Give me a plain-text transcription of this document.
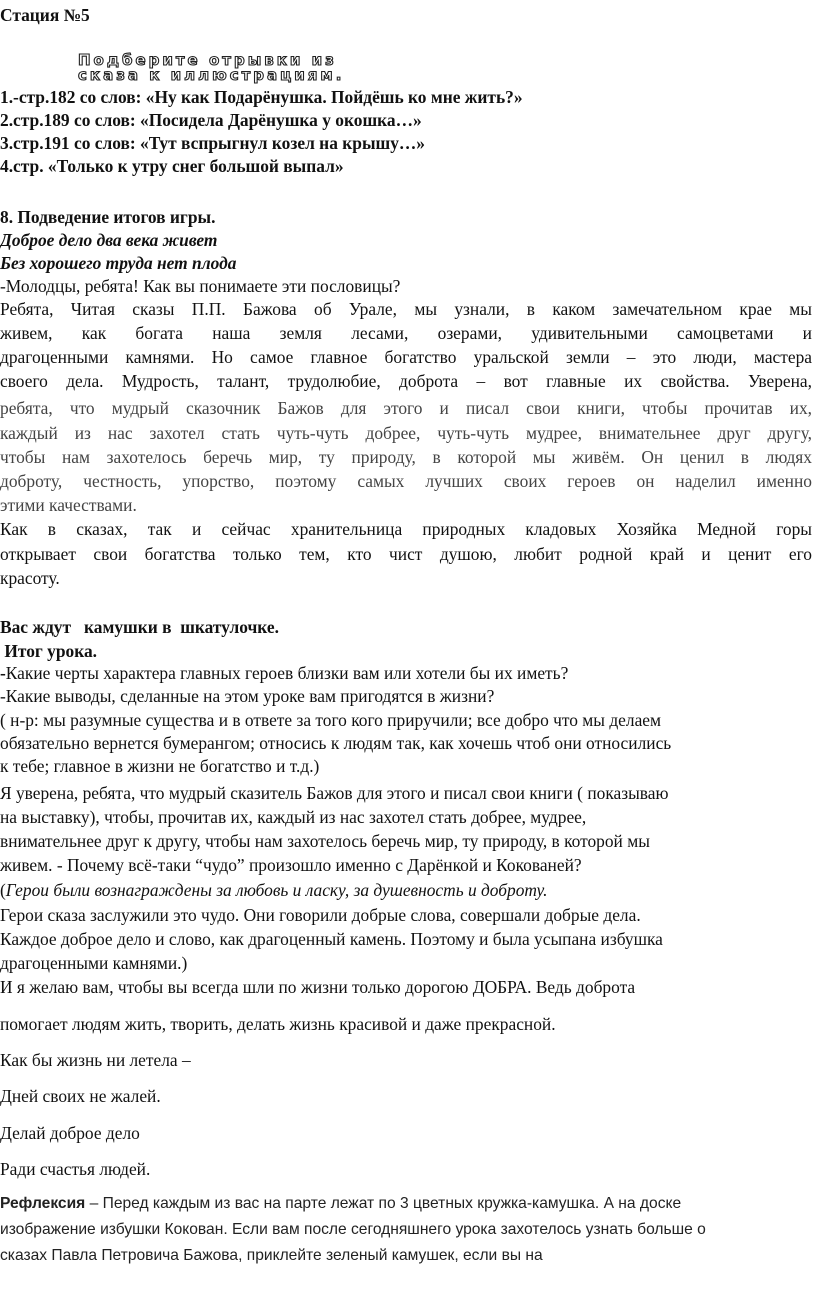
Стация №5
Подберите отрывки из
сказа к иллюстрациям.
1.-стр.182 со слов: «Ну как Подарёнушка. Пойдёшь ко мне жить?»
2.стр.189 со слов: «Посидела Дарёнушка у окошка…»
3.стр.191 со слов: «Тут вспрыгнул козел на крышу…»
4.стр. «Только к утру снег большой выпал»
8. Подведение итогов игры.
Доброе дело два века живет
Без хорошего труда нет плода
-Молодцы, ребята! Как вы понимаете эти пословицы?
Ребята, Читая сказы П.П. Бажова об Урале, мы узнали, в каком замечательном крае мы
живем, как богата наша земля лесами, озерами, удивительными самоцветами и
драгоценными камнями. Но самое главное богатство уральской земли – это люди, мастера
своего дела. Мудрость, талант, трудолюбие, доброта – вот главные их свойства. Уверена,
ребята, что мудрый сказочник Бажов для этого и писал свои книги, чтобы прочитав их,
каждый из нас захотел стать чуть-чуть добрее, чуть-чуть мудрее, внимательнее друг другу,
чтобы нам захотелось беречь мир, ту природу, в которой мы живём. Он ценил в людях
доброту, честность, упорство, поэтому самых лучших своих героев он наделил именно
этими качествами.
Как в сказах, так и сейчас хранительница природных кладовых Хозяйка Медной горы
открывает свои богатства только тем, кто чист душою, любит родной край и ценит его
красоту.
Вас ждут   камушки в  шкатулочке.
Итог урока.
-Какие черты характера главных героев близки вам или хотели бы их иметь?
-Какие выводы, сделанные на этом уроке вам пригодятся в жизни?
( н-р: мы разумные существа и в ответе за того кого приручили; все добро что мы делаем
обязательно вернется бумерангом; относись к людям так, как хочешь чтоб они относились
к тебе; главное в жизни не богатство и т.д.)
Я уверена, ребята, что мудрый сказитель Бажов для этого и писал свои книги ( показываю
на выставку), чтобы, прочитав их, каждый из нас захотел стать добрее, мудрее,
внимательнее друг к другу, чтобы нам захотелось беречь мир, ту природу, в которой мы
живем. - Почему всё-таки “чудо” произошло именно с Дарёнкой и Кокованей?
(Герои были вознаграждены за любовь и ласку, за душевность и доброту.
Герои сказа заслужили это чудо. Они говорили добрые слова, совершали добрые дела.
Каждое доброе дело и слово, как драгоценный камень. Поэтому и была усыпана избушка
драгоценными камнями.)
И я желаю вам, чтобы вы всегда шли по жизни только дорогою ДОБРА. Ведь доброта
помогает людям жить, творить, делать жизнь красивой и даже прекрасной.
Как бы жизнь ни летела –
Дней своих не жалей.
Делай доброе дело
Ради счастья людей.
Рефлексия – Перед каждым из вас на парте лежат по 3 цветных кружка-камушка. А на доске
изображение избушки Кокован. Если вам после сегодняшнего урока захотелось узнать больше о
сказах Павла Петровича Бажова, приклейте зеленый камушек, если вы на
